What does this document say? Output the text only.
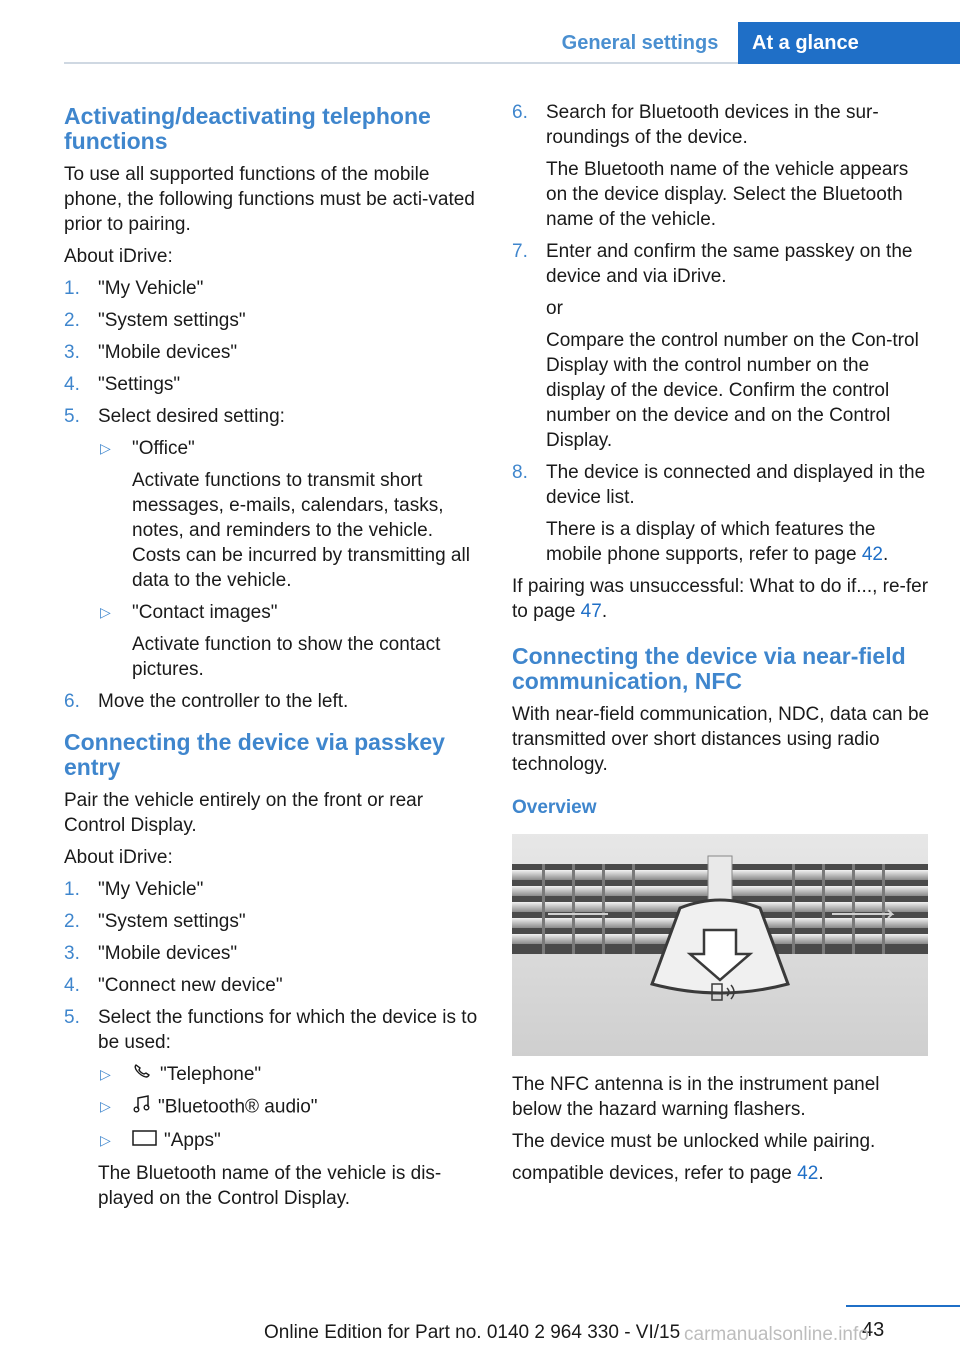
General settings	At a glance
Activating/deactivating telephone functions

To use all supported functions of the mobile phone, the following functions must be acti-vated prior to pairing.

About iDrive:

1. "My Vehicle"
2. "System settings"
3. "Mobile devices"
4. "Settings"
5. Select desired setting:
▷ "Office"
Activate functions to transmit short messages, e-mails, calendars, tasks, notes, and reminders to the vehicle. Costs can be incurred by transmitting all data to the vehicle.
▷ "Contact images"
Activate function to show the contact pictures.
6. Move the controller to the left.
Connecting the device via passkey entry

Pair the vehicle entirely on the front or rear Control Display.

About iDrive:

1. "My Vehicle"
2. "System settings"
3. "Mobile devices"
4. "Connect new device"
5. Select the functions for which the device is to be used:
▷	"Telephone"
▷ "Bluetooth® audio"
▷	"Apps"
The Bluetooth name of the vehicle is dis-played on the Control Display.
6. Search for Bluetooth devices in the sur-roundings of the device.
The Bluetooth name of the vehicle appears on the device display. Select the Bluetooth name of the vehicle.
7. Enter and confirm the same passkey on the device and via iDrive.
or
Compare the control number on the Con-trol Display with the control number on the display of the device. Confirm the control number on the device and on the Control Display.
8. The device is connected and displayed in the device list.
There is a display of which features the mobile phone supports, refer to page 42.

If pairing was unsuccessful: What to do if..., re-fer to page 47.

Connecting the device via near-field communication, NFC

With near-field communication, NDC, data can be transmitted over short distances using radio technology.

Overview

The NFC antenna is in the instrument panel below the hazard warning flashers.

The device must be unlocked while pairing.

compatible devices, refer to page 42.

43
Online Edition for Part no. 0140 2 964 330 - VI/15 carmanualsonline.info
